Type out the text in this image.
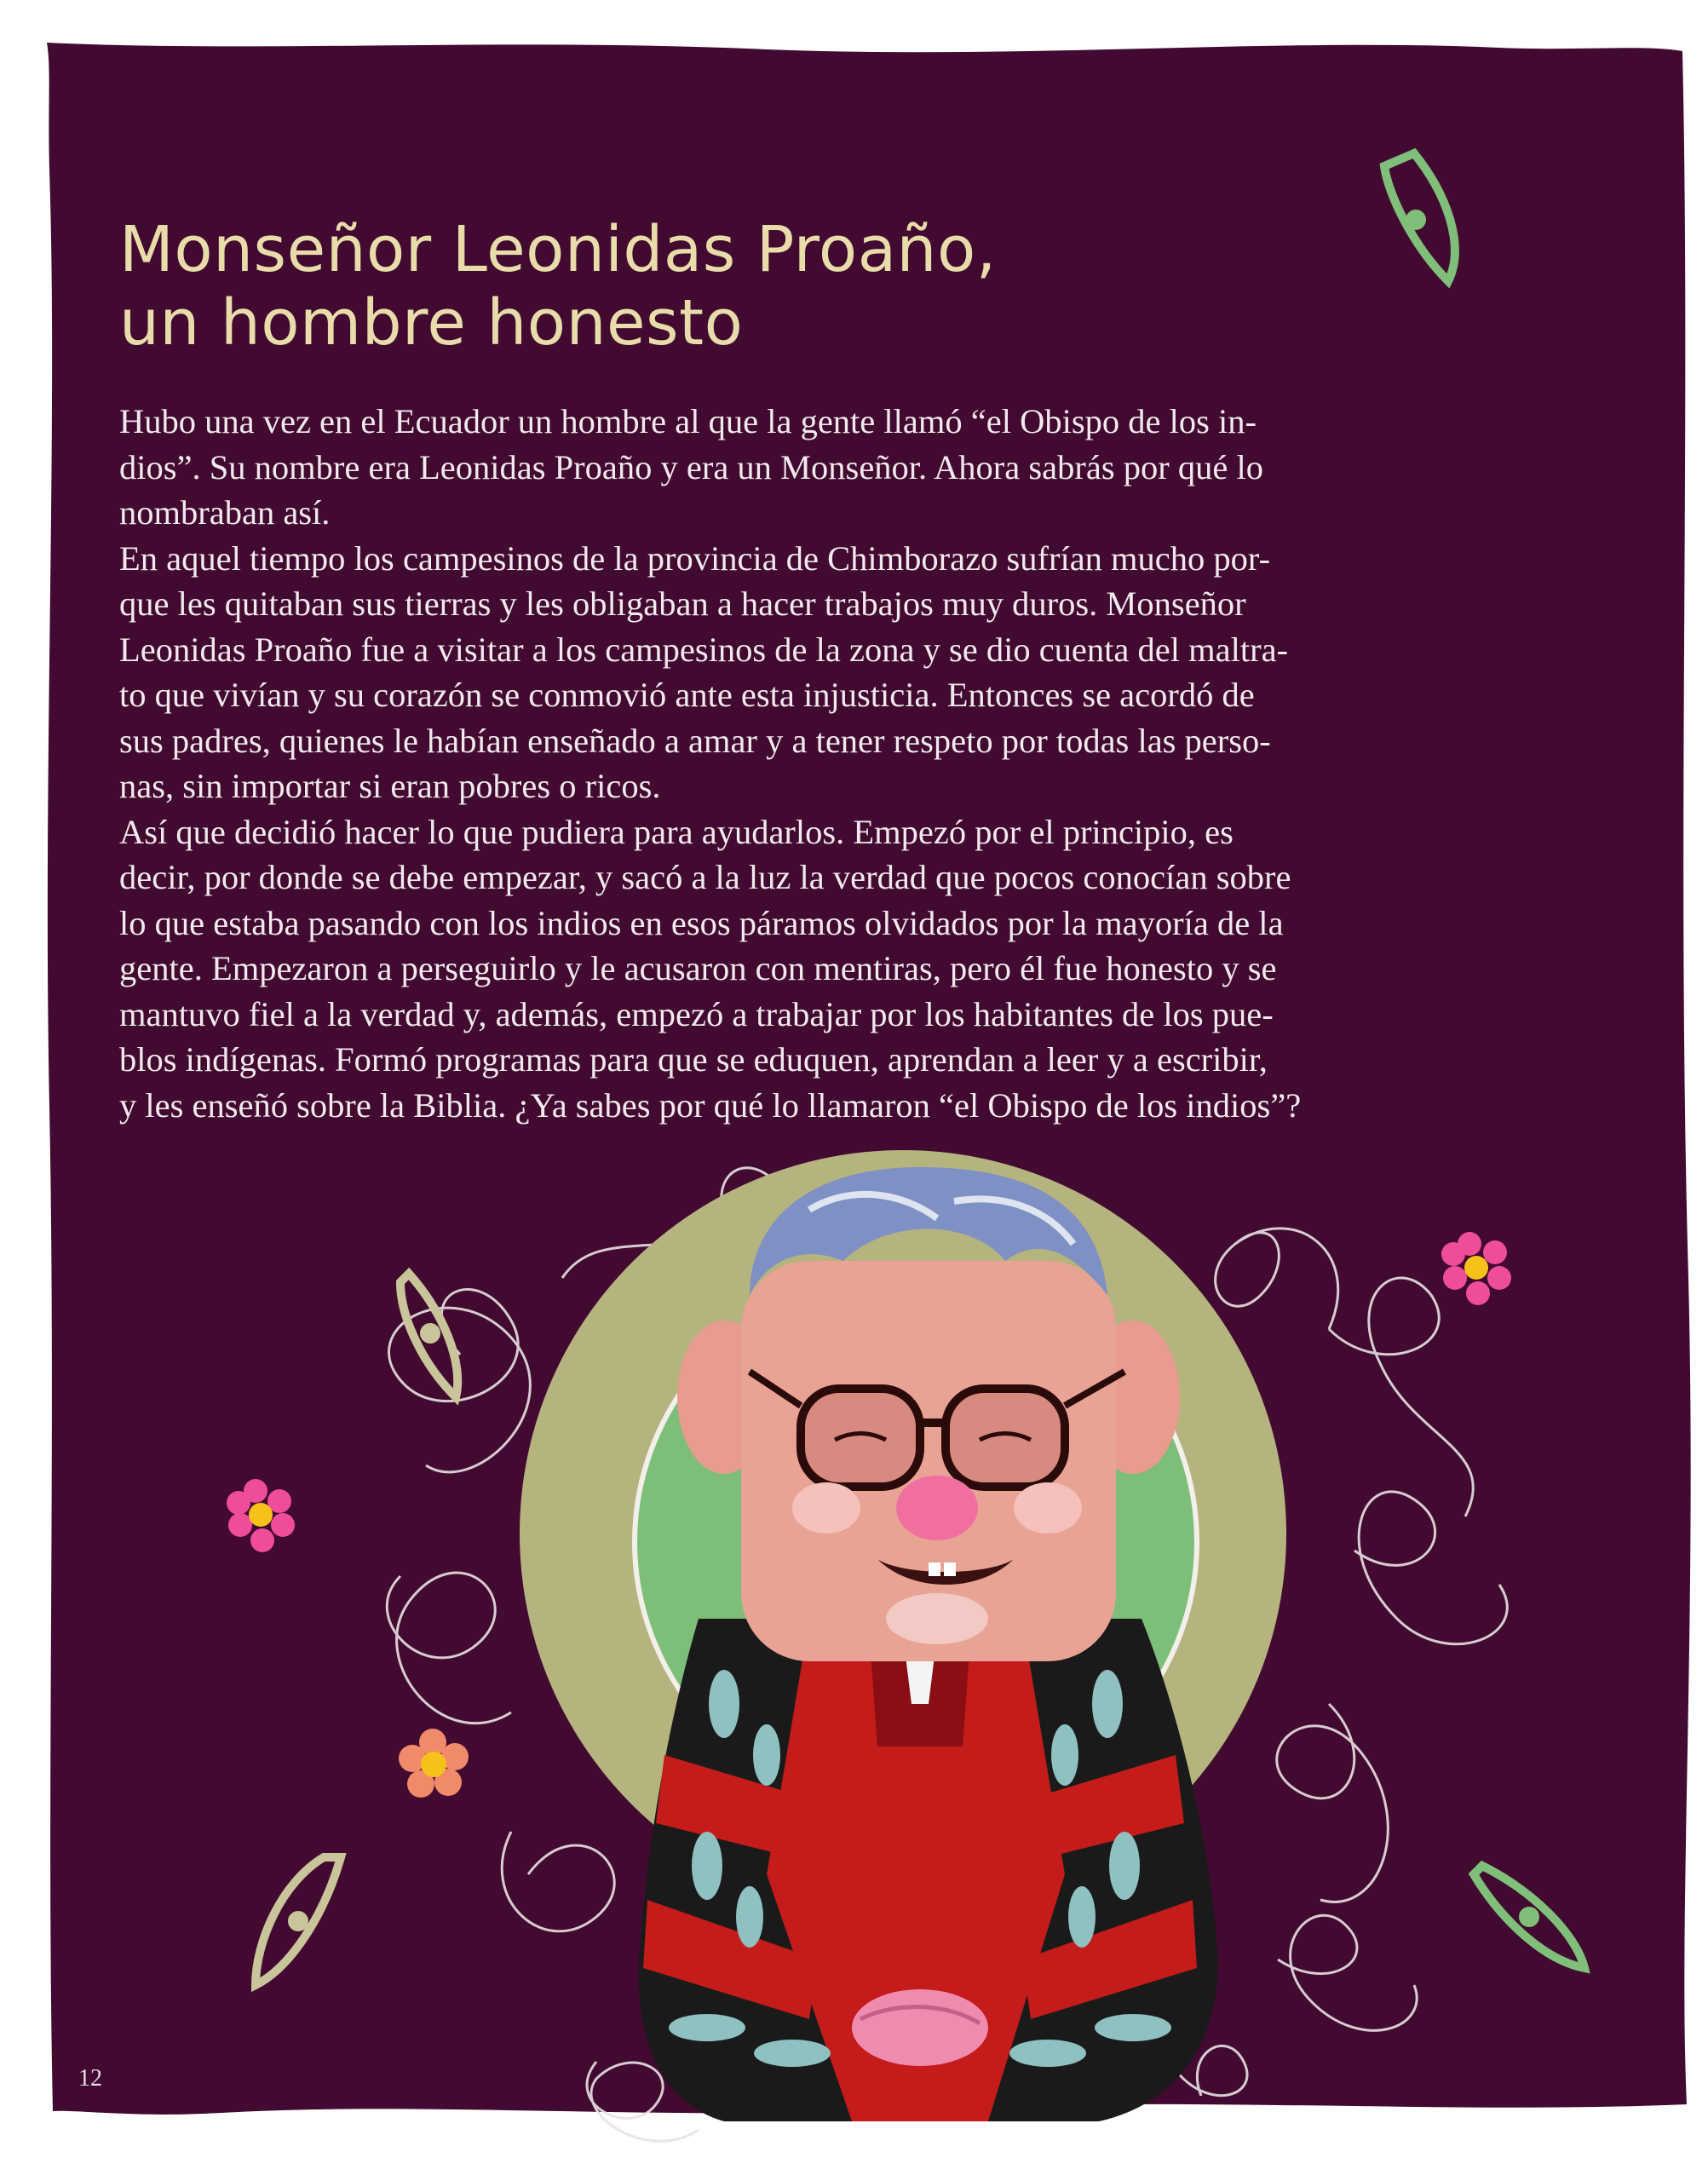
Monseñor Leonidas Proaño,
un hombre honesto
Hubo una vez en el Ecuador un hombre al que la gente llamó “el Obispo de los in-
dios”. Su nombre era Leonidas Proaño y era un Monseñor. Ahora sabrás por qué lo
nombraban así.
En aquel tiempo los campesinos de la provincia de Chimborazo sufrían mucho por-
que les quitaban sus tierras y les obligaban a hacer trabajos muy duros. Monseñor
Leonidas Proaño fue a visitar a los campesinos de la zona y se dio cuenta del maltra-
to que vivían y su corazón se conmovió ante esta injusticia. Entonces se acordó de
sus padres, quienes le habían enseñado a amar y a tener respeto por todas las perso-
nas, sin importar si eran pobres o ricos.
Así que decidió hacer lo que pudiera para ayudarlos. Empezó por el principio, es
decir, por donde se debe empezar, y sacó a la luz la verdad que pocos conocían sobre
lo que estaba pasando con los indios en esos páramos olvidados por la mayoría de la
gente. Empezaron a perseguirlo y le acusaron con mentiras, pero él fue honesto y se
mantuvo fiel a la verdad y, además, empezó a trabajar por los habitantes de los pue-
blos indígenas. Formó programas para que se eduquen, aprendan a leer y a escribir,
y les enseñó sobre la Biblia. ¿Ya sabes por qué lo llamaron “el Obispo de los indios”?
12
